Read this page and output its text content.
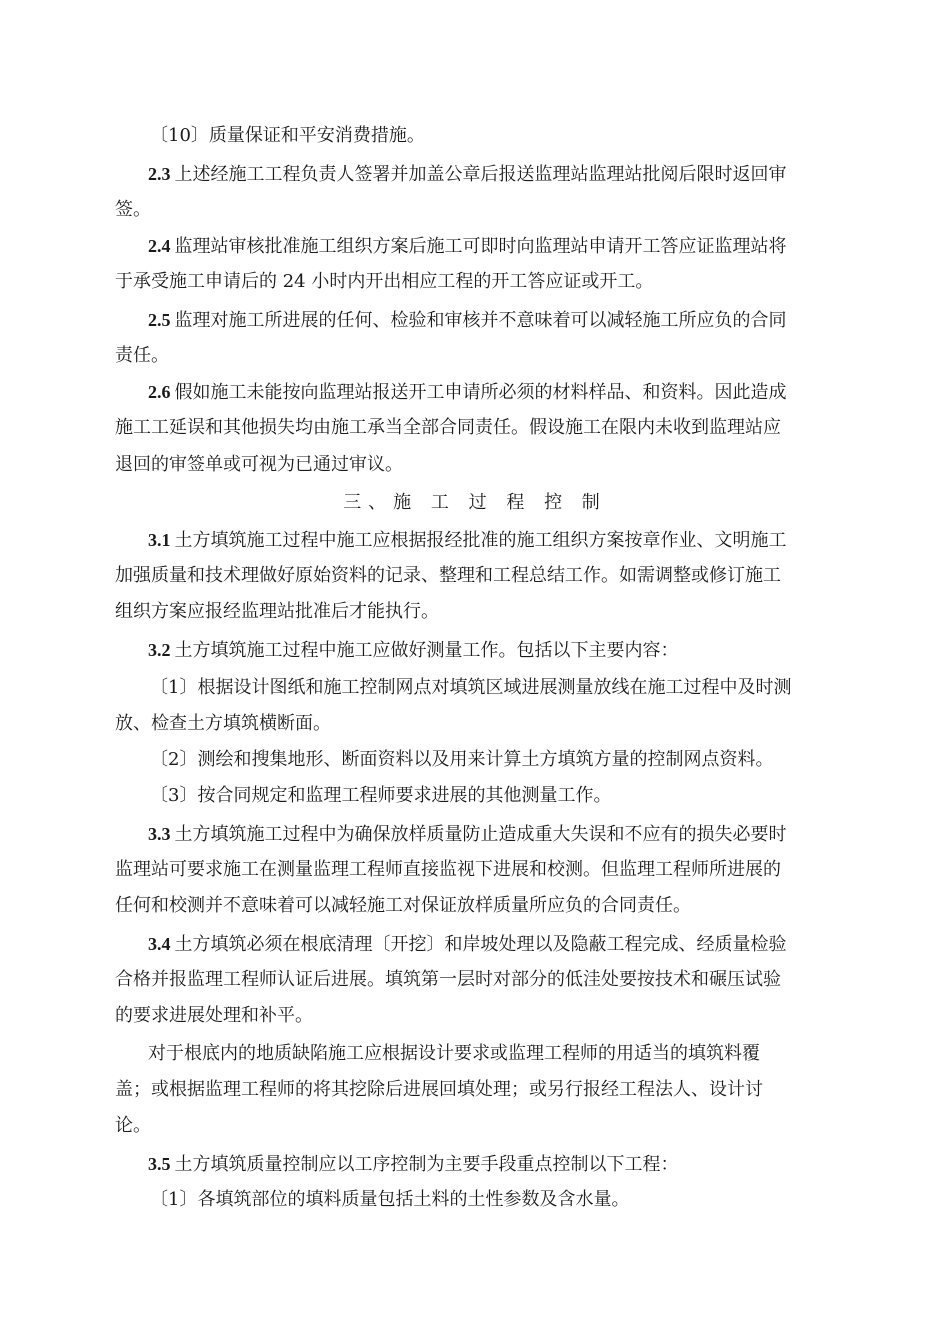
〔10〕质量保证和平安消费措施。
2.3 上述经施工工程负责人签署并加盖公章后报送监理站监理站批阅后限时返回审
签。
2.4 监理站审核批准施工组织方案后施工可即时向监理站申请开工答应证监理站将
于承受施工申请后的 24 小时内开出相应工程的开工答应证或开工。
2.5 监理对施工所进展的任何、检验和审核并不意味着可以减轻施工所应负的合同
责任。
2.6 假如施工未能按向监理站报送开工申请所必须的材料样品、和资料。因此造成
施工工延误和其他损失均由施工承当全部合同责任。假设施工在限内未收到监理站应
退回的审签单或可视为已通过审议。
三、施 工 过 程 控 制
3.1 土方填筑施工过程中施工应根据报经批准的施工组织方案按章作业、文明施工
加强质量和技术理做好原始资料的记录、整理和工程总结工作。如需调整或修订施工
组织方案应报经监理站批准后才能执行。
3.2 土方填筑施工过程中施工应做好测量工作。包括以下主要内容：
〔1〕根据设计图纸和施工控制网点对填筑区域进展测量放线在施工过程中及时测
放、检查土方填筑横断面。
〔2〕测绘和搜集地形、断面资料以及用来计算土方填筑方量的控制网点资料。
〔3〕按合同规定和监理工程师要求进展的其他测量工作。
3.3 土方填筑施工过程中为确保放样质量防止造成重大失误和不应有的损失必要时
监理站可要求施工在测量监理工程师直接监视下进展和校测。但监理工程师所进展的
任何和校测并不意味着可以减轻施工对保证放样质量所应负的合同责任。
3.4 土方填筑必须在根底清理〔开挖〕和岸坡处理以及隐蔽工程完成、经质量检验
合格并报监理工程师认证后进展。填筑第一层时对部分的低洼处要按技术和碾压试验
的要求进展处理和补平。
对于根底内的地质缺陷施工应根据设计要求或监理工程师的用适当的填筑料覆
盖；或根据监理工程师的将其挖除后进展回填处理；或另行报经工程法人、设计讨
论。
3.5 土方填筑质量控制应以工序控制为主要手段重点控制以下工程：
〔1〕各填筑部位的填料质量包括土料的土性参数及含水量。
